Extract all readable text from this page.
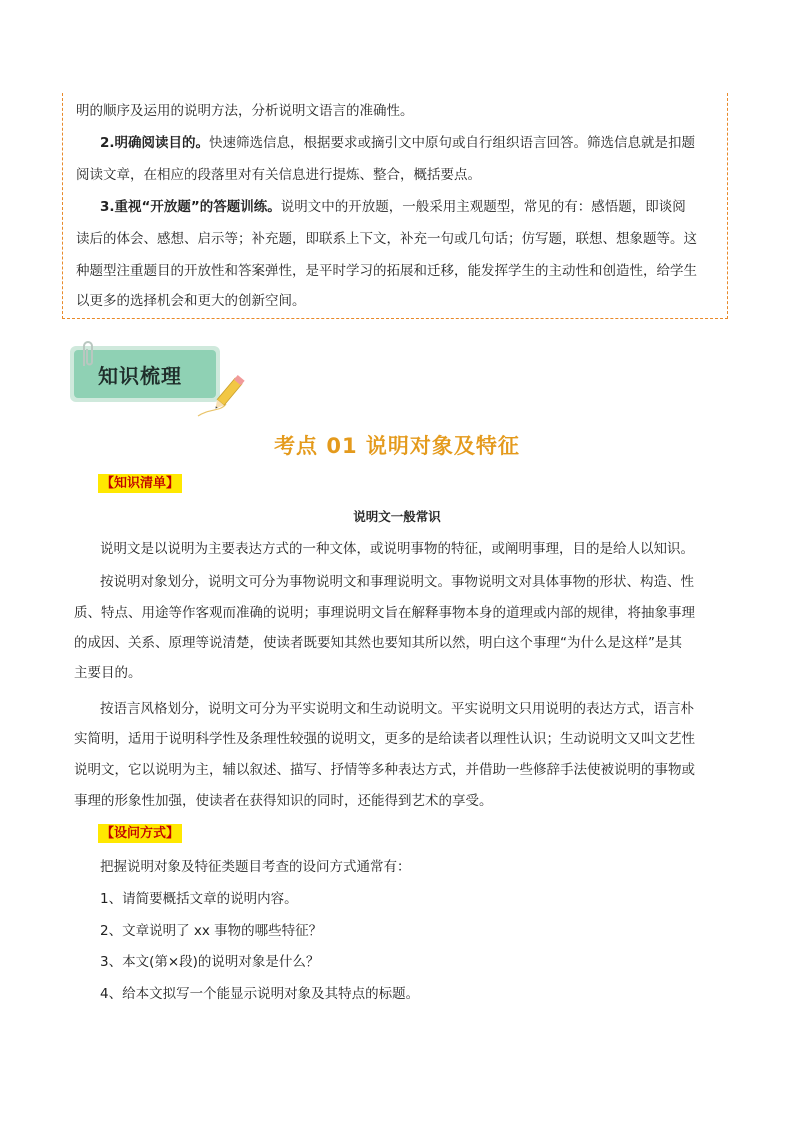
明的顺序及运用的说明方法，分析说明文语言的准确性。

2.明确阅读目的。快速筛选信息，根据要求或摘引文中原句或自行组织语言回答。筛选信息就是扣题

阅读文章，在相应的段落里对有关信息进行提炼、整合，概括要点。

3.重视“开放题”的答题训练。说明文中的开放题，一般采用主观题型，常见的有：感悟题，即谈阅

读后的体会、感想、启示等；补充题，即联系上下文，补充一句或几句话；仿写题，联想、想象题等。这

种题型注重题目的开放性和答案弹性，是平时学习的拓展和迁移，能发挥学生的主动性和创造性，给学生

以更多的选择机会和更大的创新空间。

知识梳理
考点 01 说明对象及特征
【知识清单】
说明文一般常识

说明文是以说明为主要表达方式的一种文体，或说明事物的特征，或阐明事理，目的是给人以知识。

按说明对象划分，说明文可分为事物说明文和事理说明文。事物说明文对具体事物的形状、构造、性

质、特点、用途等作客观而准确的说明；事理说明文旨在解释事物本身的道理或内部的规律，将抽象事理

的成因、关系、原理等说清楚，使读者既要知其然也要知其所以然，明白这个事理“为什么是这样”是其

主要目的。

按语言风格划分，说明文可分为平实说明文和生动说明文。平实说明文只用说明的表达方式，语言朴

实简明，适用于说明科学性及条理性较强的说明文，更多的是给读者以理性认识；生动说明文又叫文艺性

说明文，它以说明为主，辅以叙述、描写、抒情等多种表达方式，并借助一些修辞手法使被说明的事物或

事理的形象性加强，使读者在获得知识的同时，还能得到艺术的享受。

【设问方式】

把握说明对象及特征类题目考查的设问方式通常有：

1、请简要概括文章的说明内容。

2、文章说明了 xx 事物的哪些特征？

3、本文(第×段)的说明对象是什么？

4、给本文拟写一个能显示说明对象及其特点的标题。
